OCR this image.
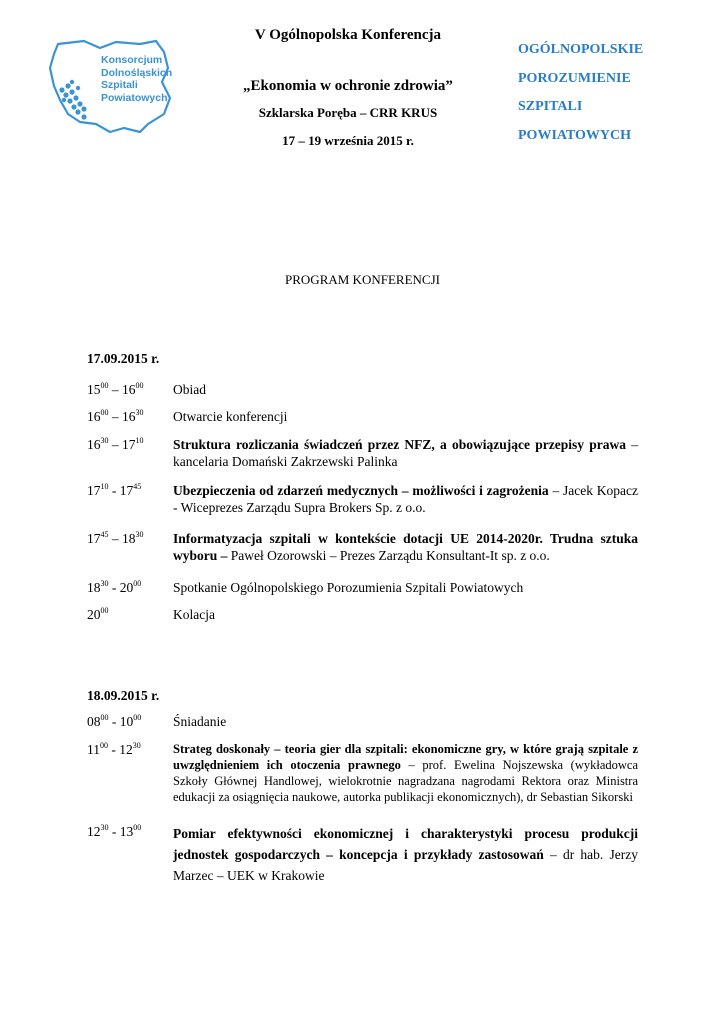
Konsorcjum
Dolnośląskich
Szpitali
Powiatowych
V Ogólnopolska Konferencja
„Ekonomia w ochronie zdrowia”
Szklarska Poręba – CRR KRUS
17 – 19 września 2015 r.
OGÓLNOPOLSKIE
POROZUMIENIE
SZPITALI
POWIATOWYCH
PROGRAM KONFERENCJI
17.09.2015 r.
$15^{00} - 16^{00}$ Obiad
$16^{00} - 16^{30}$ Otwarcie konferencji
$16^{30} - 17^{10}$ Struktura rozliczania świadczeń przez NFZ, a obowiązujące przepisy prawa – kancelaria Domański Zakrzewski Palinka
$17^{10} - 17^{45}$ Ubezpieczenia od zdarzeń medycznych – możliwości i zagrożenia – Jacek Kopacz - Wiceprezes Zarządu Supra Brokers Sp. z o.o.
$17^{45} - 18^{30}$ Informatyzacja szpitali w kontekście dotacji UE 2014-2020r. Trudna sztuka wyboru – Paweł Ozorowski – Prezes Zarządu Konsultant-It sp. z o.o.
$18^{30} - 20^{00}$ Spotkanie Ogólnopolskiego Porozumienia Szpitali Powiatowych
$20^{00}$	Kolacja
18.09.2015 r.
$08^{00} - 10^{00}$ Śniadanie
$11^{00} - 12^{30}$	Strateg doskonały – teoria gier dla szpitali: ekonomiczne gry, w które grają szpitale z uwzględnieniem ich otoczenia prawnego – prof. Ewelina Nojszewska (wykładowca Szkoły Głównej Handlowej, wielokrotnie nagradzana nagrodami Rektora oraz Ministra edukacji za osiągnięcia naukowe, autorka publikacji ekonomicznych), dr Sebastian Sikorski
$12^{30} - 13^{00}$ Pomiar efektywności ekonomicznej i charakterystyki procesu produkcji jednostek gospodarczych – koncepcja i przykłady zastosowań – dr hab. Jerzy Marzec – UEK w Krakowie
